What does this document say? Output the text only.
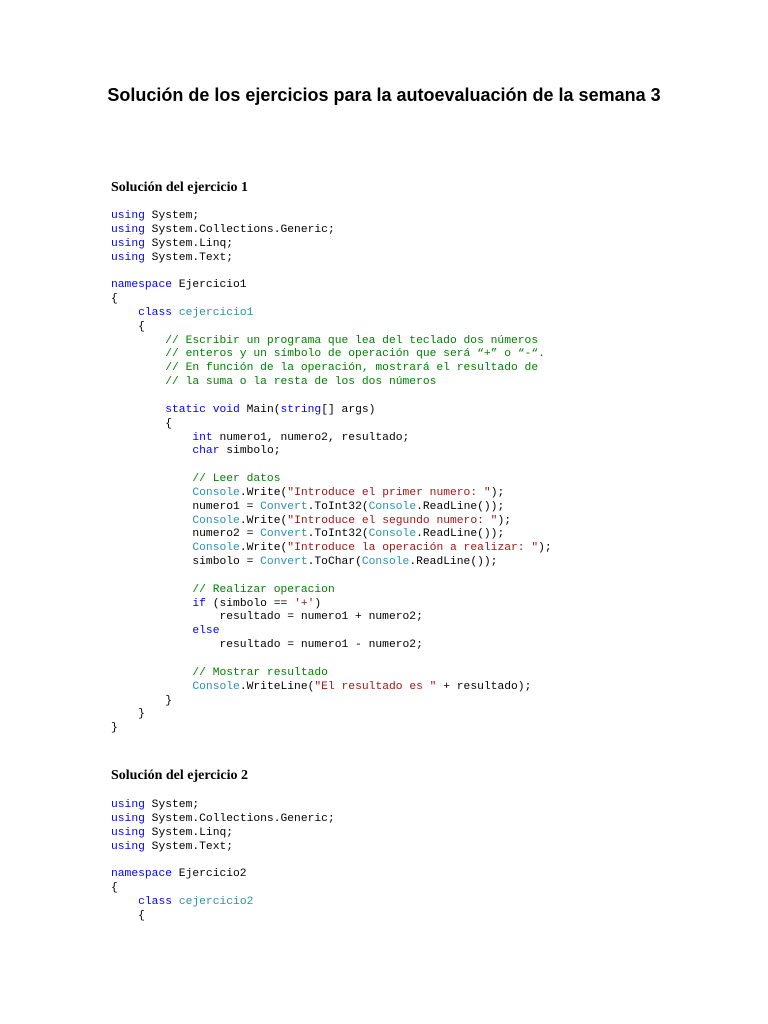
Solución de los ejercicios para la autoevaluación de la semana 3
Solución del ejercicio 1
using System;
using System.Collections.Generic;
using System.Linq;
using System.Text;
namespace Ejercicio1
{
class cejercicio1
{
// Escribir un programa que lea del teclado dos números
// enteros y un símbolo de operación que será “+” o “-“.
// En función de la operación, mostrará el resultado de
// la suma o la resta de los dos números
static void Main(string[] args)
{
int numero1, numero2, resultado;
char simbolo;
// Leer datos
Console.Write("Introduce el primer numero: ");
numero1 = Convert.ToInt32(Console.ReadLine());
Console.Write("Introduce el segundo numero: ");
numero2 = Convert.ToInt32(Console.ReadLine());
Console.Write("Introduce la operación a realizar: ");
simbolo = Convert.ToChar(Console.ReadLine());
// Realizar operacion
if (simbolo == '+')
resultado = numero1 + numero2;
else
resultado = numero1 - numero2;
// Mostrar resultado
Console.WriteLine("El resultado es " + resultado);
}
}
}
Solución del ejercicio 2
using System;
using System.Collections.Generic;
using System.Linq;
using System.Text;
namespace Ejercicio2
{
class cejercicio2
{
